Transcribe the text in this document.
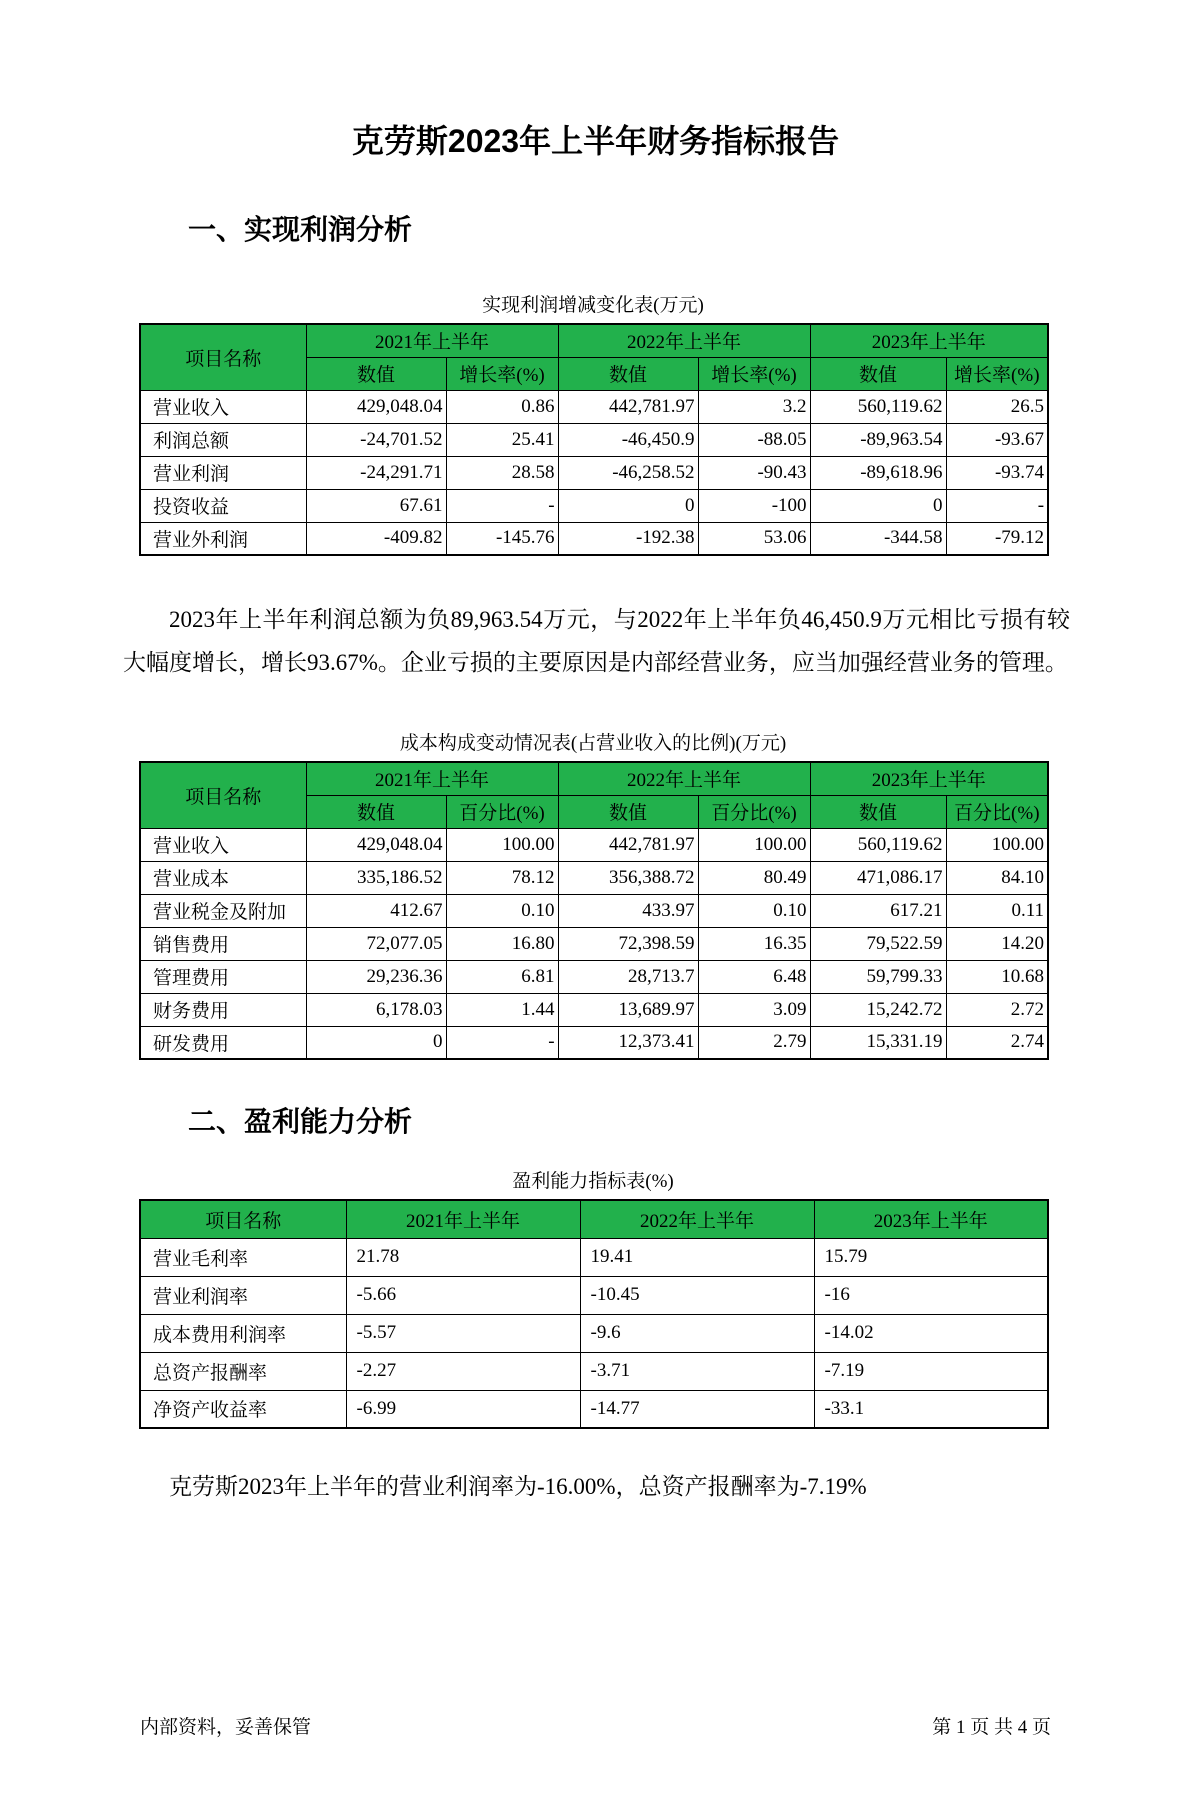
克劳斯2023年上半年财务指标报告
一、实现利润分析
实现利润增减变化表(万元)
项目名称	2021年上半年		2022年上半年		2023年上半年	
	数值	增长率(%)	数值	增长率(%)	数值	增长率(%)
营业收入	429,048.04	0.86	442,781.97	3.2	560,119.62	26.5
利润总额	-24,701.52	25.41	-46,450.9	-88.05	-89,963.54	-93.67
营业利润	-24,291.71	28.58	-46,258.52	-90.43	-89,618.96	-93.74
投资收益	67.61	-	0	-100	0	-
营业外利润	-409.82	-145.76	-192.38	53.06	-344.58	-79.12

2023年上半年利润总额为负89,963.54万元，与2022年上半年负46,450.9万元相比亏损有较大幅度增长，增长93.67%。企业亏损的主要原因是内部经营业务，应当加强经营业务的管理。

成本构成变动情况表(占营业收入的比例)(万元)
项目名称	2021年上半年		2022年上半年		2023年上半年	
	数值	百分比(%)	数值	百分比(%)	数值	百分比(%)
营业收入	429,048.04	100.00	442,781.97	100.00	560,119.62	100.00
营业成本	335,186.52	78.12	356,388.72	80.49	471,086.17	84.10
营业税金及附加	412.67	0.10	433.97	0.10	617.21	0.11
销售费用	72,077.05	16.80	72,398.59	16.35	79,522.59	14.20
管理费用	29,236.36	6.81	28,713.7	6.48	59,799.33	10.68
财务费用	6,178.03	1.44	13,689.97	3.09	15,242.72	2.72
研发费用	0	-	12,373.41	2.79	15,331.19	2.74
二、盈利能力分析
盈利能力指标表(%)
项目名称	2021年上半年	2022年上半年	2023年上半年
营业毛利率	21.78	19.41	15.79
营业利润率	-5.66	-10.45	-16
成本费用利润率	-5.57	-9.6	-14.02
总资产报酬率	-2.27	-3.71	-7.19
净资产收益率	-6.99	-14.77	-33.1

克劳斯2023年上半年的营业利润率为-16.00%，总资产报酬率为-7.19%

内部资料，妥善保管	第 1 页 共 4 页
